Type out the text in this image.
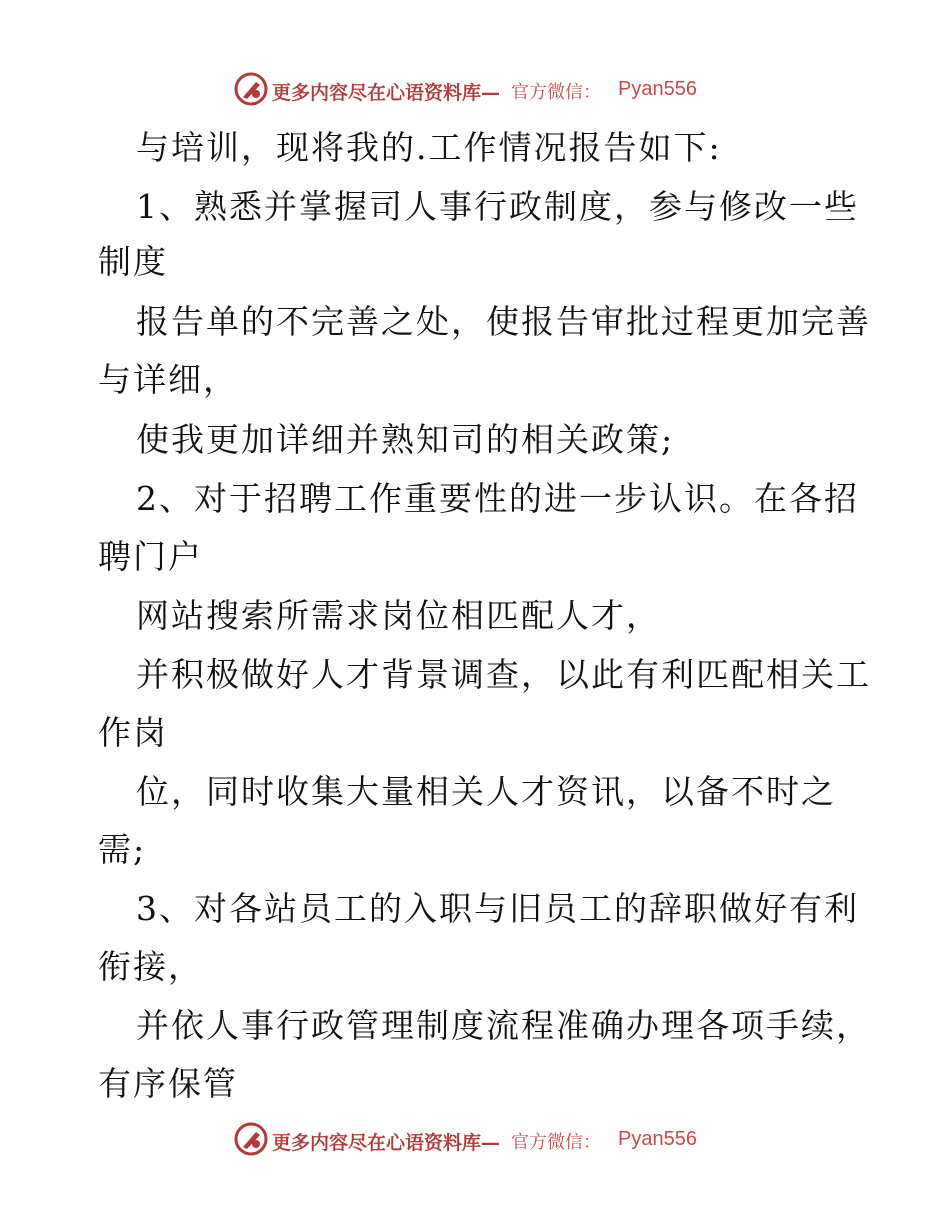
更多内容尽在心语资料库— 官方微信： Pyan556
与培训，现将我的.工作情况报告如下:
1、熟悉并掌握司人事行政制度，参与修改一些
制度
报告单的不完善之处，使报告审批过程更加完善
与详细，
使我更加详细并熟知司的相关政策;
2、对于招聘工作重要性的进一步认识。在各招
聘门户
网站搜索所需求岗位相匹配人才，
并积极做好人才背景调查，以此有利匹配相关工
作岗
位，同时收集大量相关人才资讯，以备不时之
需;
3、对各站员工的入职与旧员工的辞职做好有利
衔接，
并依人事行政管理制度流程准确办理各项手续，
有序保管
更多内容尽在心语资料库— 官方微信： Pyan556
